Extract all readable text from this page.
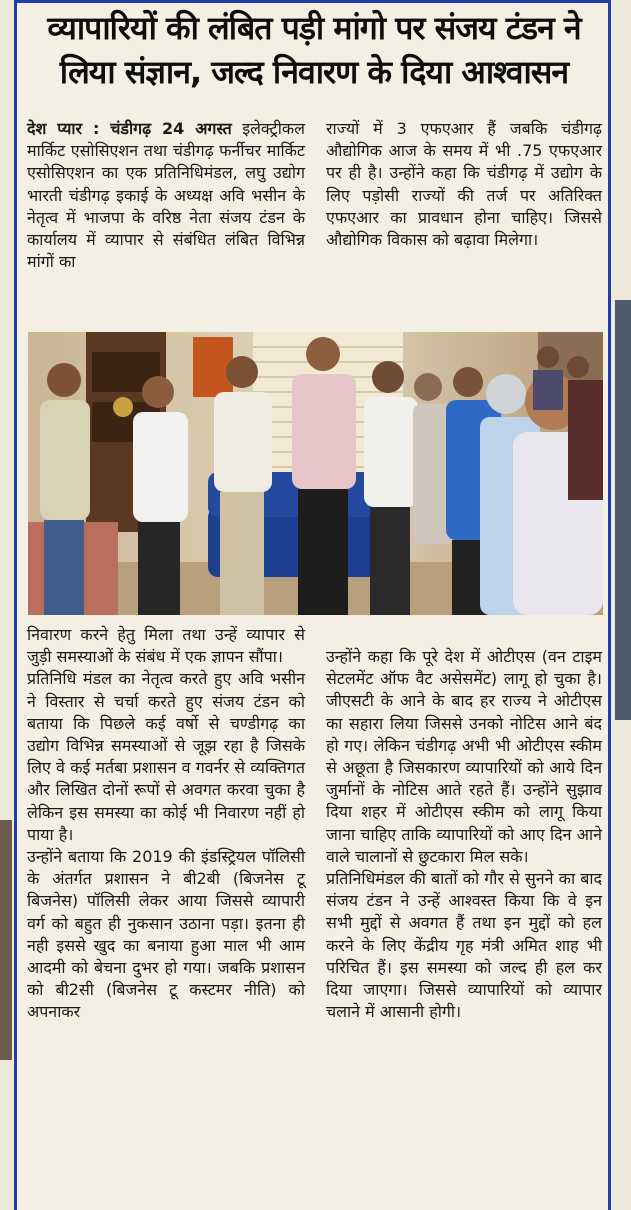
व्यापारियों की लंबित पड़ी मांगो पर संजय टंडन ने लिया संज्ञान, जल्द निवारण के दिया आश्वासन

देश प्यार : चंडीगढ़ 24 अगस्त इलेक्ट्रीकल मार्किट एसोसिएशन तथा चंडीगढ़ फर्नीचर मार्किट एसोसिएशन का एक प्रतिनिधिमंडल, लघु उद्योग भारती चंडीगढ़ इकाई के अध्यक्ष अवि भसीन के नेतृत्व में भाजपा के वरिष्ठ नेता संजय टंडन के कार्यालय में व्यापार से संबंधित लंबित विभिन्न मांगों का

राज्यों में 3 एफएआर हैं जबकि चंडीगढ़ औद्योगिक आज के समय में भी .75 एफएआर पर ही है। उन्होंने कहा कि चंडीगढ़ में उद्योग के लिए पड़ोसी राज्यों की तर्ज पर अतिरिक्त एफएआर का प्रावधान होना चाहिए। जिससे औद्योगिक विकास को बढ़ावा मिलेगा।

निवारण करने हेतु मिला तथा उन्हें व्यापार से जुड़ी समस्याओं के संबंध में एक ज्ञापन सौंपा।

प्रतिनिधि मंडल का नेतृत्व करते हुए अवि भसीन ने विस्तार से चर्चा करते हुए संजय टंडन को बताया कि पिछले कई वर्षो से चण्डीगढ़ का उद्योग विभिन्न समस्याओं से जूझ रहा है जिसके लिए वे कई मर्तबा प्रशासन व गवर्नर से व्यक्तिगत और लिखित दोनों रूपों से अवगत करवा चुका है लेकिन इस समस्या का कोई भी निवारण नहीं हो पाया है।

उन्होंने बताया कि 2019 की इंडस्ट्रियल पॉलिसी के अंतर्गत प्रशासन ने बी2बी (बिजनेस टू बिजनेस) पॉलिसी लेकर आया जिससे व्यापारी वर्ग को बहुत ही नुकसान उठाना पड़ा। इतना ही नही इससे खुद का बनाया हुआ माल भी आम आदमी को बेचना दुभर हो गया। जबकि प्रशासन को बी2सी (बिजनेस टू कस्टमर नीति) को अपनाकर

उन्होंने कहा कि पूरे देश में ओटीएस (वन टाइम सेटलमेंट ऑफ वैट असेसमेंट) लागू हो चुका है। जीएसटी के आने के बाद हर राज्य ने ओटीएस का सहारा लिया जिससे उनको नोटिस आने बंद हो गए। लेकिन चंडीगढ़ अभी भी ओटीएस स्कीम से अछूता है जिसकारण व्यापारियों को आये दिन जुर्मानों के नोटिस आते रहते हैं। उन्होंने सुझाव दिया शहर में ओटीएस स्कीम को लागू किया जाना चाहिए ताकि व्यापारियों को आए दिन आने वाले चालानों से छुटकारा मिल सके।

प्रतिनिधिमंडल की बातों को गौर से सुनने का बाद संजय टंडन ने उन्हें आश्वस्त किया कि वे इन सभी मुद्दों से अवगत हैं तथा इन मुद्दों को हल करने के लिए केंद्रीय गृह मंत्री अमित शाह भी परिचित हैं। इस समस्या को जल्द ही हल कर दिया जाएगा। जिससे व्यापारियों को व्यापार चलाने में आसानी होगी।
